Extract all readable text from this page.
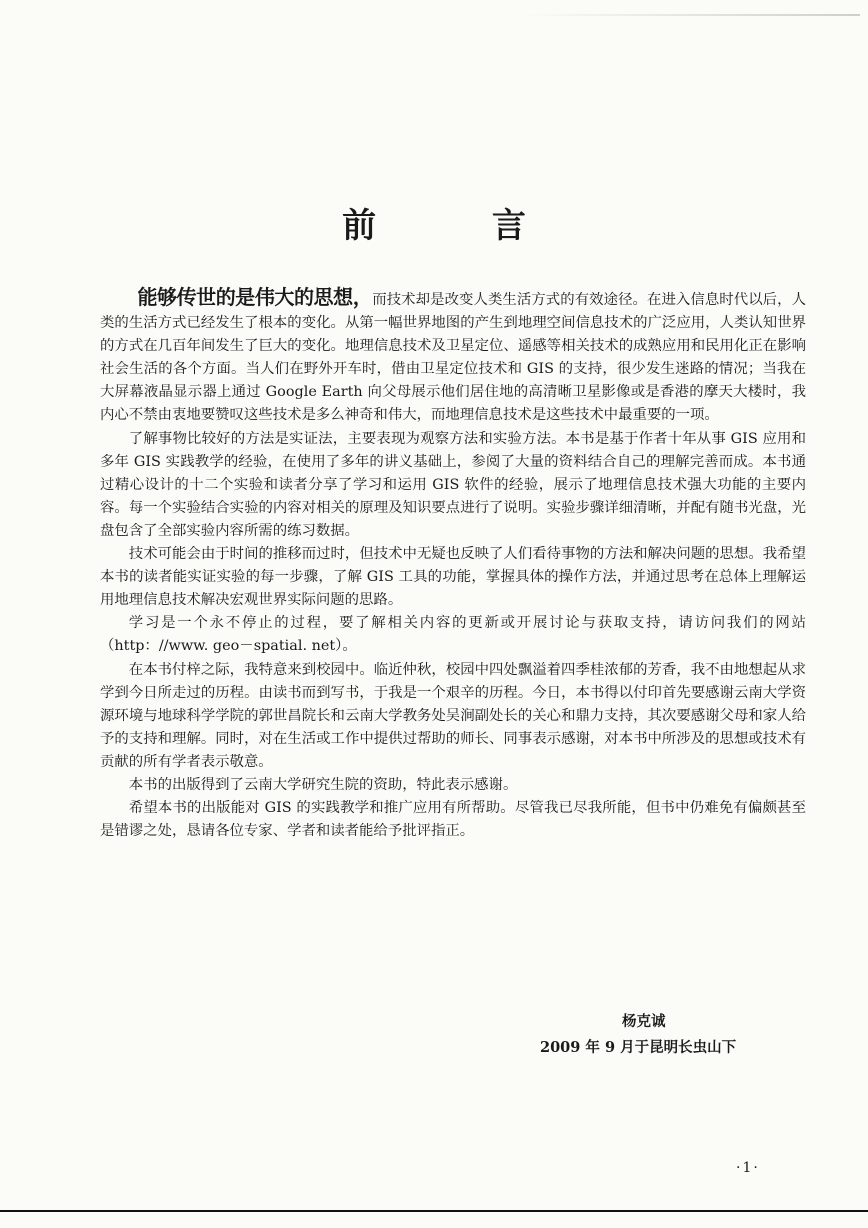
前 言

能够传世的是伟大的思想，而技术却是改变人类生活方式的有效途径。在进入信息时代以后，人类的生活方式已经发生了根本的变化。从第一幅世界地图的产生到地理空间信息技术的广泛应用，人类认知世界的方式在几百年间发生了巨大的变化。地理信息技术及卫星定位、遥感等相关技术的成熟应用和民用化正在影响社会生活的各个方面。当人们在野外开车时，借由卫星定位技术和 GIS 的支持，很少发生迷路的情况；当我在大屏幕液晶显示器上通过 Google Earth 向父母展示他们居住地的高清晰卫星影像或是香港的摩天大楼时，我内心不禁由衷地要赞叹这些技术是多么神奇和伟大，而地理信息技术是这些技术中最重要的一项。

了解事物比较好的方法是实证法，主要表现为观察方法和实验方法。本书是基于作者十年从事 GIS 应用和多年 GIS 实践教学的经验，在使用了多年的讲义基础上，参阅了大量的资料结合自己的理解完善而成。本书通过精心设计的十二个实验和读者分享了学习和运用 GIS 软件的经验，展示了地理信息技术强大功能的主要内容。每一个实验结合实验的内容对相关的原理及知识要点进行了说明。实验步骤详细清晰，并配有随书光盘，光盘包含了全部实验内容所需的练习数据。

技术可能会由于时间的推移而过时，但技术中无疑也反映了人们看待事物的方法和解决问题的思想。我希望本书的读者能实证实验的每一步骤，了解 GIS 工具的功能，掌握具体的操作方法，并通过思考在总体上理解运用地理信息技术解决宏观世界实际问题的思路。

学习是一个永不停止的过程，要了解相关内容的更新或开展讨论与获取支持，请访问我们的网站（http：//www. geo－spatial. net）。

在本书付梓之际，我特意来到校园中。临近仲秋，校园中四处飘溢着四季桂浓郁的芳香，我不由地想起从求学到今日所走过的历程。由读书而到写书，于我是一个艰辛的历程。今日，本书得以付印首先要感谢云南大学资源环境与地球科学学院的郭世昌院长和云南大学教务处吴涧副处长的关心和鼎力支持，其次要感谢父母和家人给予的支持和理解。同时，对在生活或工作中提供过帮助的师长、同事表示感谢，对本书中所涉及的思想或技术有贡献的所有学者表示敬意。

本书的出版得到了云南大学研究生院的资助，特此表示感谢。

希望本书的出版能对 GIS 的实践教学和推广应用有所帮助。尽管我已尽我所能，但书中仍难免有偏颇甚至是错谬之处，恳请各位专家、学者和读者能给予批评指正。

杨克诚
2009 年 9 月于昆明长虫山下
·1·
